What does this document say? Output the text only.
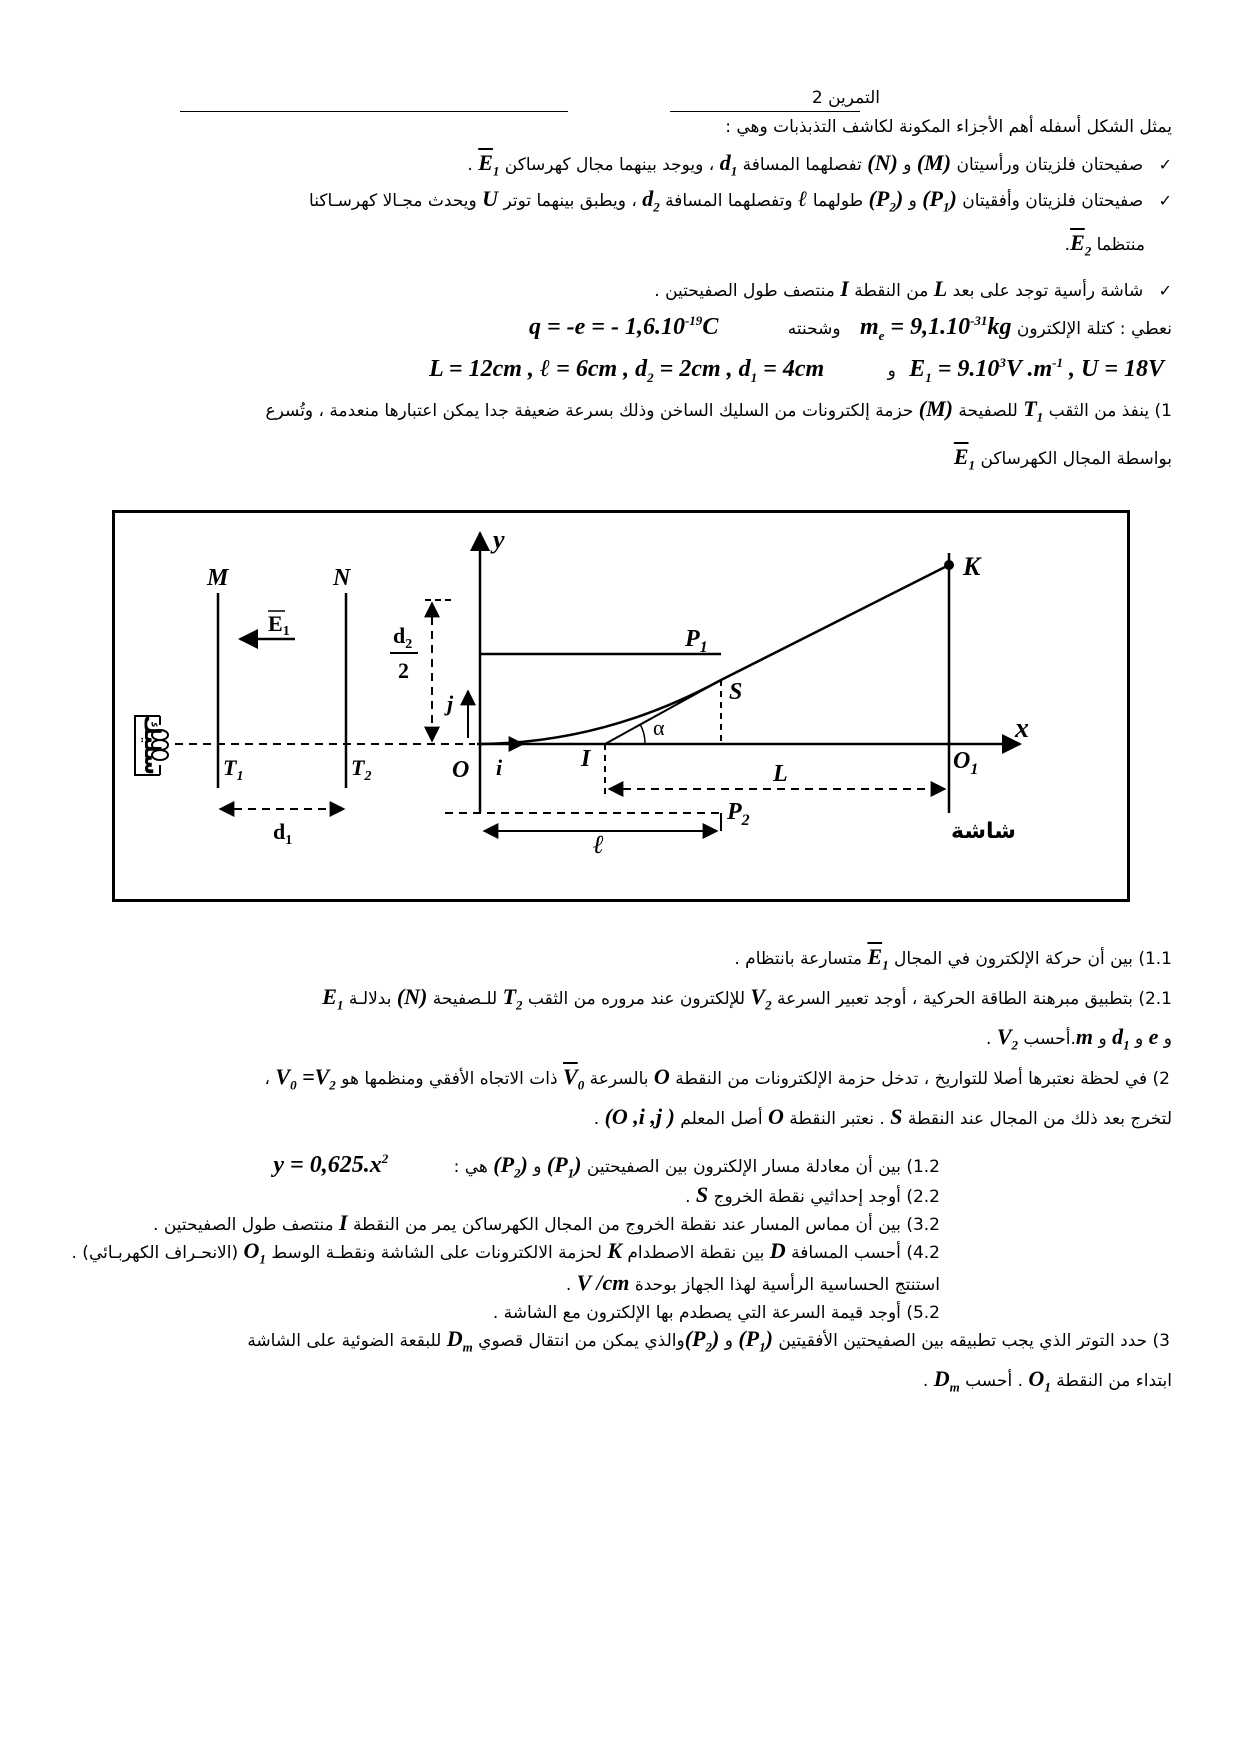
التمرين 2
يمثل الشكل أسفله أهم الأجزاء المكونة لكاشف التذبذبات وهي :
✓ صفيحتان فلزيتان ورأسيتان (M) و (N) تفصلهما المسافة $d_1$ ، ويوجد بينهما مجال كهرساكن $\overline{E}_1$ .
✓ صفيحتان فلزيتان وأفقيتان $(P_1)$ و $(P_2)$ طولهما ℓ وتفصلهما المسافة $d_2$ ، ويطبق بينهما توتر U ويحدث مجـالا كهرسـاكنا
منتظما $\overline{E}_2$.
✓ شاشة رأسية توجد على بعد L من النقطة I منتصف طول الصفيحتين .
نعطي : كتلة الإلكترون $m_e = 9,1.10^{-31}kg$ وشحنته q = -e = - $1,6.10^{-19}C$
$E_1 = 9.10^3V$ $.m^{-1}$ , U = 18V و L = 12cm , ℓ = 6cm , $d_2 = 2cm$ , $d_1 = 4cm$
1) ينفذ من الثقب $T_1$ للصفيحة (M) حزمة إلكترونات من السليك الساخن وذلك بسرعة ضعيفة جدا يمكن اعتبارها منعدمة ، وتُسرع
بواسطة المجال الكهرساكن $\overline{E}_1$
سليك
M	N
E1
$T_1$	$T_2$
$d_1$
$d_2$
2
y
j
i
O
$P_1$
$P_2$
α
I
S
K
$O_1$
x
شاشة
L
ℓ
1.1) بين أن حركة الإلكترون في المجال $\overline{E}_1$ متسارعة بانتظام .
2.1) بتطبيق مبرهنة الطاقة الحركية ، أوجد تعبير السرعة $V_2$ للإلكترون عند مروره من الثقب $T_2$ للـصفيحة (N) بدلالـة $E_1$
و e و $d_1$ و m.أحسب $V_2$ .
2) في لحظة نعتبرها أصلا للتواريخ ، تدخل حزمة الإلكترونات من النقطة O بالسرعة $\overline{V}_0$ ذات الاتجاه الأفقي ومنظمها هو $V_0 =V_2$ ،
لتخرج بعد ذلك من المجال عند النقطة S . نعتبر النقطة O أصل المعلم (O ,i ,j ) .
1.2) بين أن معادلة مسار الإلكترون بين الصفيحتين $(P_1)$ و $(P_2)$ هي : $y = 0,625.x^2$
2.2) أوجد إحداثيي نقطة الخروج S .
3.2) بين أن مماس المسار عند نقطة الخروج من المجال الكهرساكن يمر من النقطة I منتصف طول الصفيحتين .
4.2) أحسب المسافة D بين نقطة الاصطدام K لحزمة الالكترونات على الشاشة ونقطـة الوسط $O_1$ (الانحـراف الكهربـائي) .
استنتج الحساسية الرأسية لهذا الجهاز بوحدة V /cm .
5.2) أوجد قيمة السرعة التي يصطدم بها الإلكترون مع الشاشة .
3) حدد التوتر الذي يجب تطبيقه بين الصفيحتين الأفقيتين $(P_1)$ و $(P_2)والذي$ يمكن من انتقال قصوي $D_m$ للبقعة الضوئية على الشاشة
ابتداء من النقطة $O_1$ . أحسب $D_m$ .
